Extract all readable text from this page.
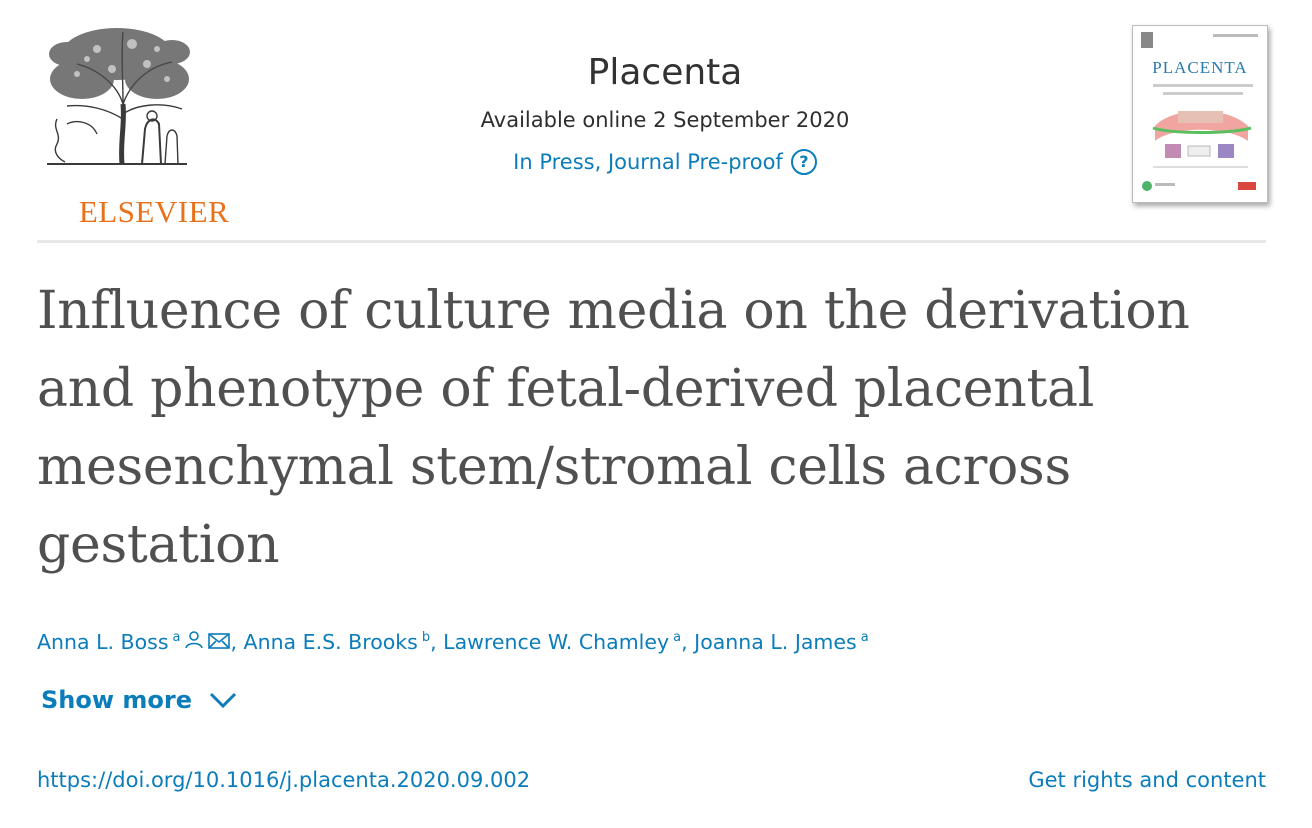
ELSEVIER
Placenta
Available online 2 September 2020
In Press, Journal Pre-proof	?
PLACENTA
Influence of culture media on the derivation and phenotype of fetal-derived placental mesenchymal stem/stromal cells across gestation
Anna L. Boss $^a$ , Anna E.S. Brooks $^b$, Lawrence W. Chamley $^a$, Joanna L. James $^a$
Show more
https://doi.org/10.1016/j.placenta.2020.09.002	Get rights and content
